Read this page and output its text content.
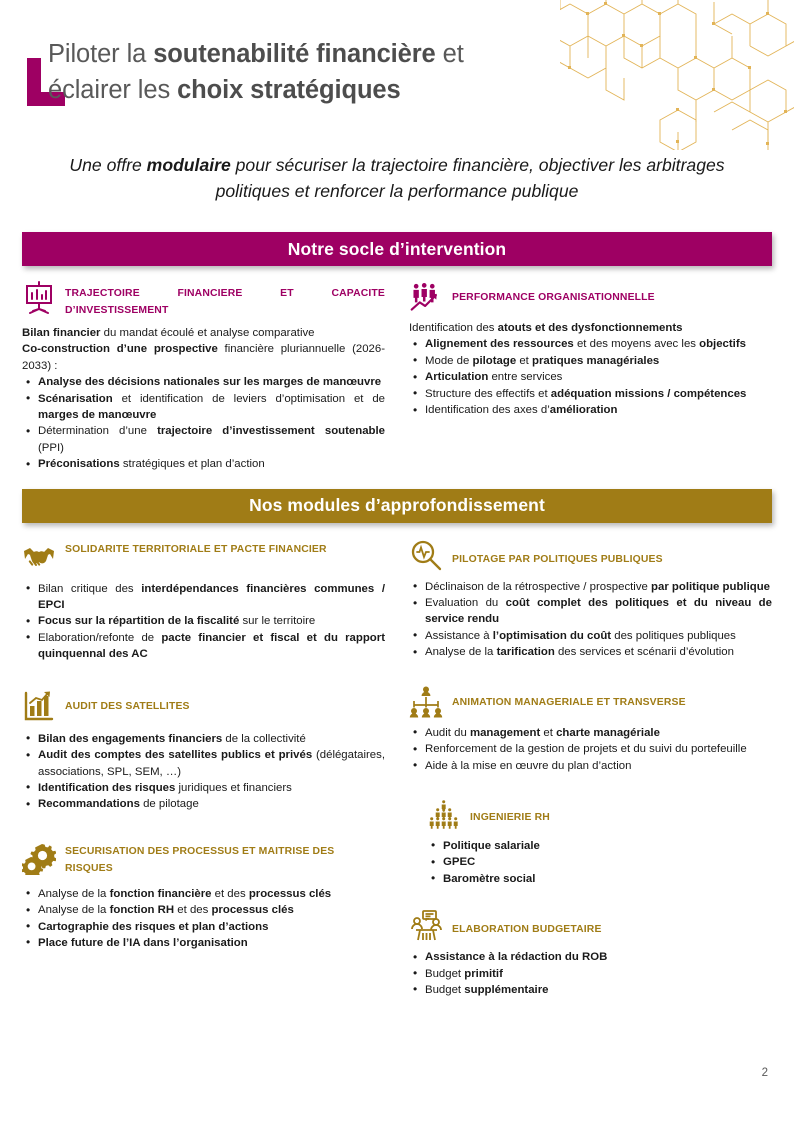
Piloter la soutenabilité financière et
éclairer les choix stratégiques
Une offre modulaire pour sécuriser la trajectoire financière, objectiver les arbitrages politiques et renforcer la performance publique
Notre socle d’intervention
TRAJECTOIRE FINANCIERE ET CAPACITE D’INVESTISSEMENT
Bilan financier du mandat écoulé et analyse comparative
Co-construction d’une prospective financière pluriannuelle (2026-2033) :
• Analyse des décisions nationales sur les marges de manœuvre
• Scénarisation et identification de leviers d’optimisation et de marges de manœuvre
• Détermination d’une trajectoire d’investissement soutenable (PPI)
• Préconisations stratégiques et plan d’action
PERFORMANCE ORGANISATIONNELLE
Identification des atouts et des dysfonctionnements
• Alignement des ressources et des moyens avec les objectifs
• Mode de pilotage et pratiques managériales
• Articulation entre services
• Structure des effectifs et adéquation missions / compétences
• Identification des axes d’amélioration
Nos modules d’approfondissement
SOLIDARITE TERRITORIALE ET PACTE FINANCIER
• Bilan critique des interdépendances financières communes / EPCI
• Focus sur la répartition de la fiscalité sur le territoire
• Elaboration/refonte de pacte financier et fiscal et du rapport quinquennal des AC
AUDIT DES SATELLITES
• Bilan des engagements financiers de la collectivité
• Audit des comptes des satellites publics et privés (délégataires, associations, SPL, SEM, …)
• Identification des risques juridiques et financiers
• Recommandations de pilotage
SECURISATION DES PROCESSUS ET MAITRISE DES RISQUES
• Analyse de la fonction financière et des processus clés
• Analyse de la fonction RH et des processus clés
• Cartographie des risques et plan d’actions
• Place future de l’IA dans l’organisation
PILOTAGE PAR POLITIQUES PUBLIQUES
• Déclinaison de la rétrospective / prospective par politique publique
• Evaluation du coût complet des politiques et du niveau de service rendu
• Assistance à l’optimisation du coût des politiques publiques
• Analyse de la tarification des services et scénarii d’évolution
ANIMATION MANAGERIALE ET TRANSVERSE
• Audit du management et charte managériale
• Renforcement de la gestion de projets et du suivi du portefeuille
• Aide à la mise en œuvre du plan d’action
INGENIERIE RH
• Politique salariale
• GPEC
• Baromètre social
ELABORATION BUDGETAIRE
• Assistance à la rédaction du ROB
• Budget primitif
• Budget supplémentaire
2
